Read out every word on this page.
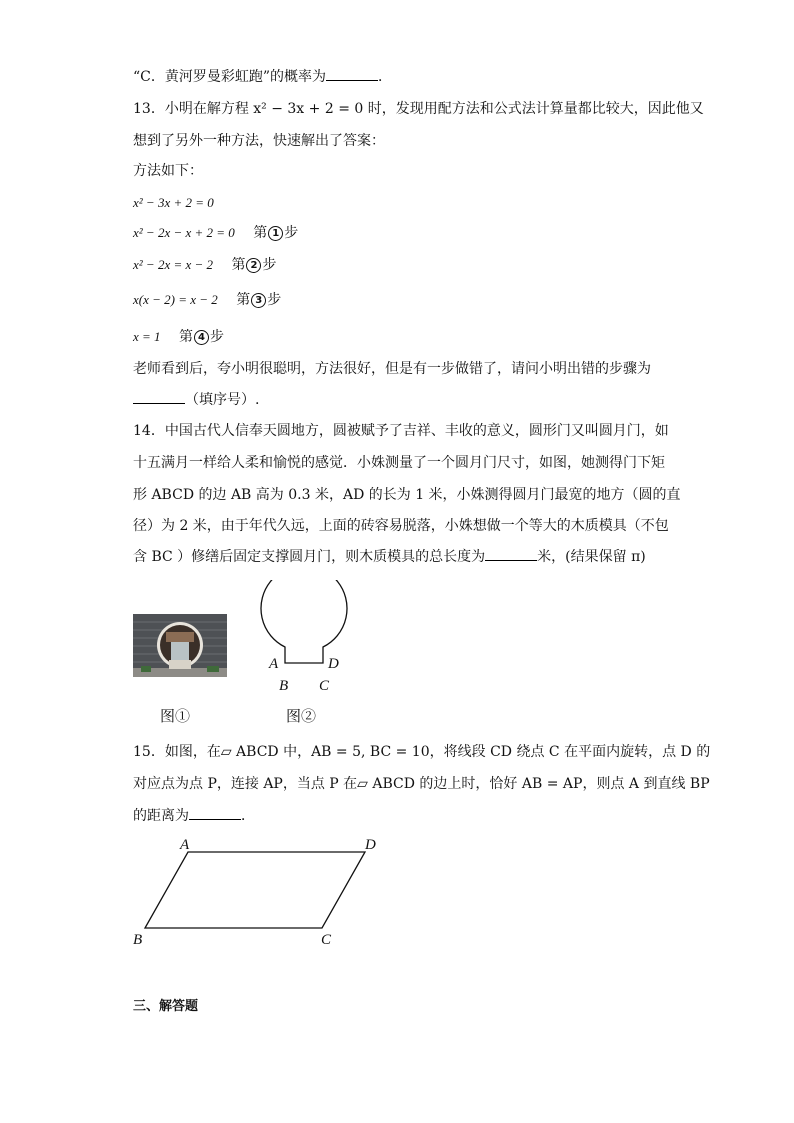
“C．黄河罗曼彩虹跑”的概率为	．
13．小明在解方程 x² − 3x + 2 = 0 时，发现用配方法和公式法计算量都比较大，因此他又
想到了另外一种方法，快速解出了答案：
方法如下：
x² − 3x + 2 = 0
x² − 2x − x + 2 = 0 第 1 步
x² − 2x = x − 2 第 2 步
x(x − 2) = x − 2 第 3 步
x = 1 第 4 步
老师看到后，夸小明很聪明，方法很好，但是有一步做错了，请问小明出错的步骤为
（填序号）.
14．中国古代人信奉天圆地方，圆被赋予了吉祥、丰收的意义，圆形门又叫圆月门，如
十五满月一样给人柔和愉悦的感觉．小姝测量了一个圆月门尺寸，如图，她测得门下矩
形 ABCD 的边 AB 高为 0.3 米，AD 的长为 1 米，小姝测得圆月门最宽的地方（圆的直
径）为 2 米，由于年代久远，上面的砖容易脱落，小姝想做一个等大的木质模具（不包
含 BC ）修缮后固定支撑圆月门，则木质模具的总长度为	米，(结果保留 π)
A	D
B C
图①	图②
15．如图，在▱ ABCD 中，AB = 5, BC = 10，将线段 CD 绕点 C 在平面内旋转，点 D 的
对应点为点 P，连接 AP，当点 P 在▱ ABCD 的边上时，恰好 AB = AP，则点 A 到直线 BP
的距离为	．
A	D
B	C
三、解答题
